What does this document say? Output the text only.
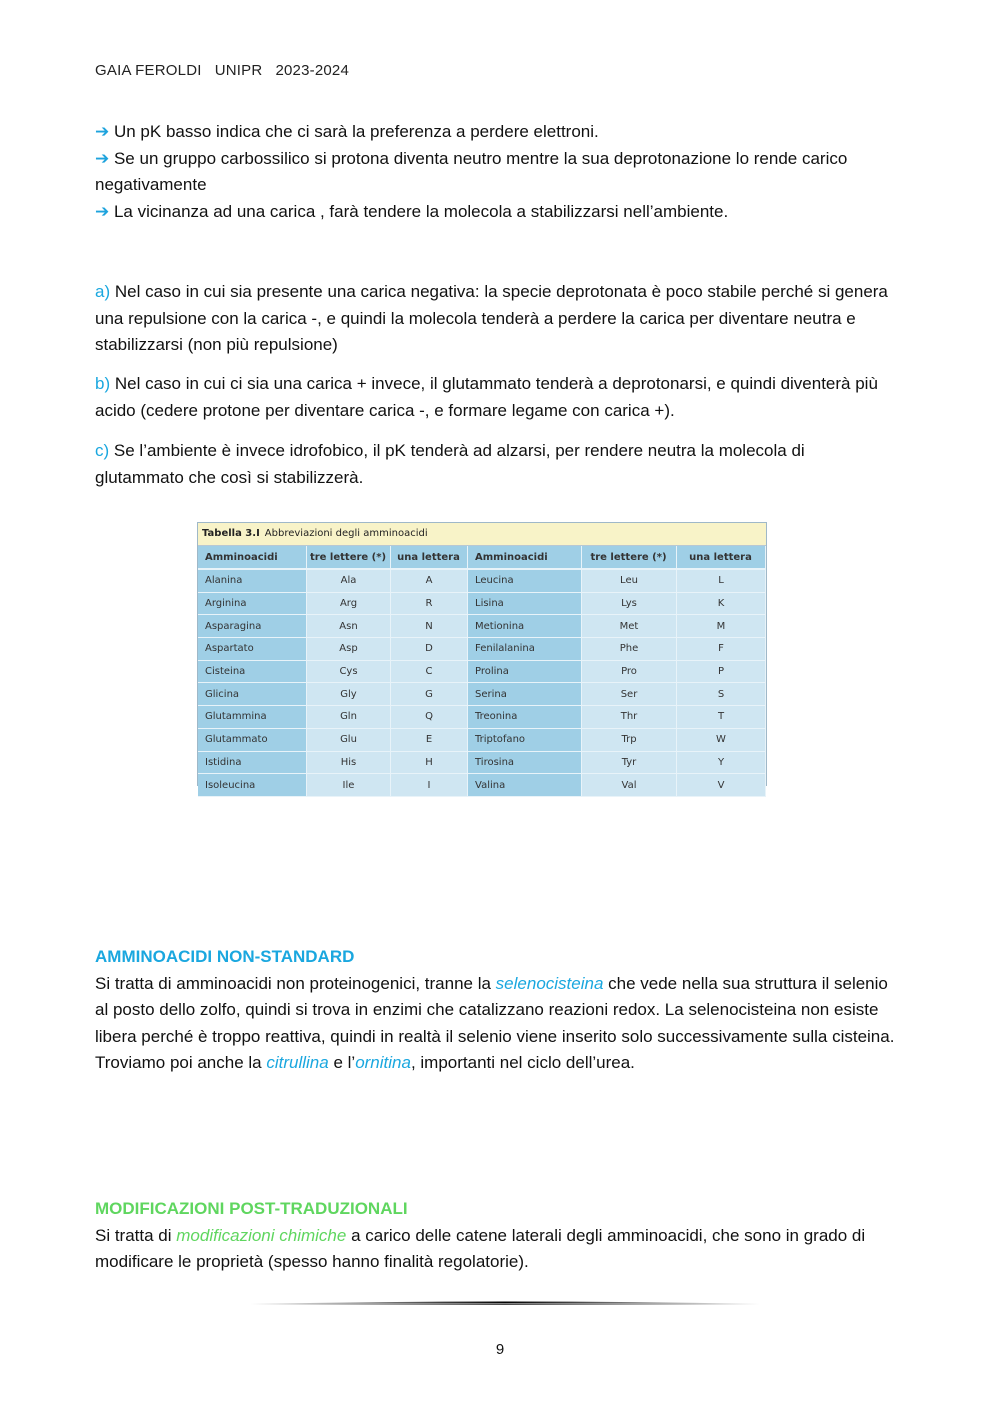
GAIA FEROLDI   UNIPR   2023-2024
➔ Un pK basso indica che ci sarà la preferenza a perdere elettroni.
➔ Se un gruppo carbossilico si protona diventa neutro mentre la sua deprotonazione lo rende carico negativamente
➔ La vicinanza ad una carica , farà tendere la molecola a stabilizzarsi nell’ambiente.
a) Nel caso in cui sia presente una carica negativa: la specie deprotonata è poco stabile perché si genera una repulsione con la carica -, e quindi la molecola tenderà a perdere la carica per diventare neutra e stabilizzarsi (non più repulsione)
b) Nel caso in cui ci sia una carica + invece, il glutammato tenderà a deprotonarsi, e quindi diventerà più acido (cedere protone per diventare carica -, e formare legame con carica +).
c) Se l’ambiente è invece idrofobico, il pK tenderà ad alzarsi, per rendere neutra la molecola di glutammato che così si stabilizzerà.
Tabella 3.I Abbreviazioni degli amminoacidi
Amminoacidi	tre lettere (*)	una lettera	Amminoacidi	tre lettere (*)	una lettera
Alanina	Ala	A	Leucina	Leu	L
Arginina	Arg	R	Lisina	Lys	K
Asparagina	Asn	N	Metionina	Met	M
Aspartato	Asp	D	Fenilalanina	Phe	F
Cisteina	Cys	C	Prolina	Pro	P
Glicina	Gly	G	Serina	Ser	S
Glutammina	Gln	Q	Treonina	Thr	T
Glutammato	Glu	E	Triptofano	Trp	W
Istidina	His	H	Tirosina	Tyr	Y
Isoleucina	Ile	I	Valina	Val	V
AMMINOACIDI NON-STANDARD
Si tratta di amminoacidi non proteinogenici, tranne la selenocisteina che vede nella sua struttura il selenio al posto dello zolfo, quindi si trova in enzimi che catalizzano reazioni redox. La selenocisteina non esiste libera perché è troppo reattiva, quindi in realtà il selenio viene inserito solo successivamente sulla cisteina. Troviamo poi anche la citrullina e l’ornitina, importanti nel ciclo dell’urea.
MODIFICAZIONI POST-TRADUZIONALI
Si tratta di modificazioni chimiche a carico delle catene laterali degli amminoacidi, che sono in grado di modificare le proprietà (spesso hanno finalità regolatorie).
9
